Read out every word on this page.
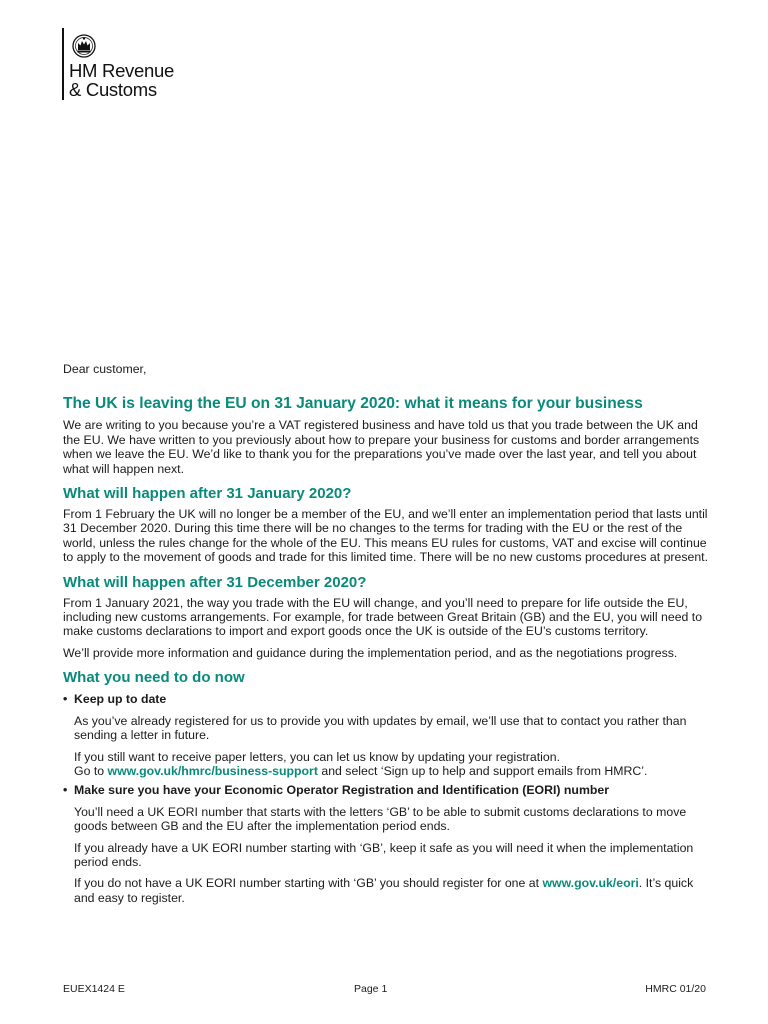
HM Revenue
& Customs

Dear customer,

The UK is leaving the EU on 31 January 2020: what it means for your business

We are writing to you because you’re a VAT registered business and have told us that you trade between the UK and the EU. We have written to you previously about how to prepare your business for customs and border arrangements when we leave the EU. We’d like to thank you for the preparations you’ve made over the last year, and tell you about what will happen next.

What will happen after 31 January 2020?

From 1 February the UK will no longer be a member of the EU, and we’ll enter an implementation period that lasts until 31 December 2020. During this time there will be no changes to the terms for trading with the EU or the rest of the world, unless the rules change for the whole of the EU. This means EU rules for customs, VAT and excise will continue to apply to the movement of goods and trade for this limited time. There will be no new customs procedures at present.

What will happen after 31 December 2020?

From 1 January 2021, the way you trade with the EU will change, and you’ll need to prepare for life outside the EU, including new customs arrangements. For example, for trade between Great Britain (GB) and the EU, you will need to make customs declarations to import and export goods once the UK is outside of the EU’s customs territory.

We’ll provide more information and guidance during the implementation period, and as the negotiations progress.

What you need to do now
• Keep up to date

As you’ve already registered for us to provide you with updates by email, we’ll use that to contact you rather than sending a letter in future.

If you still want to receive paper letters, you can let us know by updating your registration.
Go to www.gov.uk/hmrc/business-support and select ‘Sign up to help and support emails from HMRC’.

• Make sure you have your Economic Operator Registration and Identification (EORI) number

You’ll need a UK EORI number that starts with the letters ‘GB’ to be able to submit customs declarations to move goods between GB and the EU after the implementation period ends.

If you already have a UK EORI number starting with ‘GB’, keep it safe as you will need it when the implementation period ends.

If you do not have a UK EORI number starting with ‘GB’ you should register for one at www.gov.uk/eori. It’s quick and easy to register.

EUEX1424 E	Page 1	HMRC 01/20
